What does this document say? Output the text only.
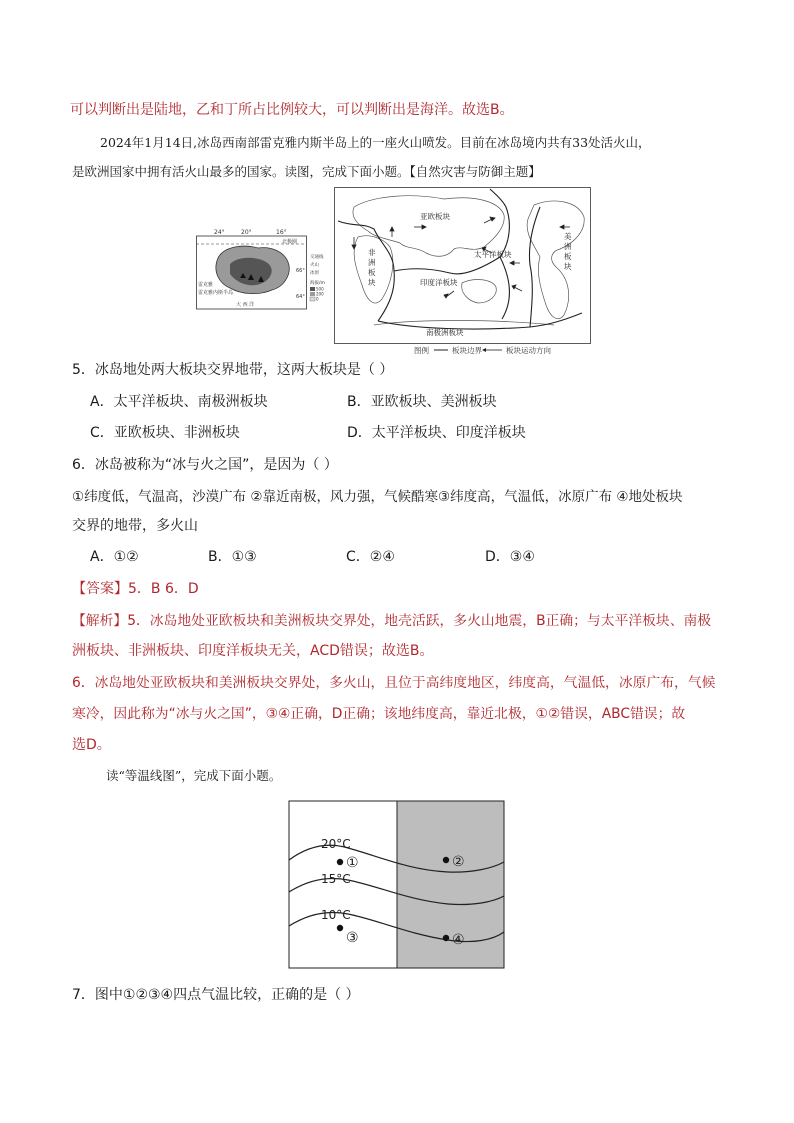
可以判断出是陆地，乙和丁所占比例较大，可以判断出是海洋。故选B。
2024年1月14日,冰岛西南部雷克雅内斯半岛上的一座火山喷发。目前在冰岛境内共有33处活火山，
是欧洲国家中拥有活火山最多的国家。读图，完成下面小题。【自然灾害与防御主题】
24°	20°	16°
北极圈
雷克雅
雷克雅内斯半岛
大 西 洋
66°
64°
交通线
火山
冰原
海拔/m
500
200
0
亚欧板块
非
洲
板
块
太平洋板块
美
洲
板
块
印度洋板块
南极洲板块
图例	板块边界	板块运动方向
5．冰岛地处两大板块交界地带，这两大板块是（ ）
A．太平洋板块、南极洲板块	B．亚欧板块、美洲板块
C．亚欧板块、非洲板块	D．太平洋板块、印度洋板块
6．冰岛被称为“冰与火之国”，是因为（ ）
①纬度低，气温高，沙漠广布 ②靠近南极，风力强，气候酷寒③纬度高，气温低，冰原广布 ④地处板块
交界的地带，多火山
A．①②	B．①③	C．②④	D．③④
【答案】5．B 6．D
【解析】5．冰岛地处亚欧板块和美洲板块交界处，地壳活跃，多火山地震，B正确；与太平洋板块、南极
洲板块、非洲板块、印度洋板块无关，ACD错误；故选B。
6．冰岛地处亚欧板块和美洲板块交界处，多火山，且位于高纬度地区，纬度高，气温低，冰原广布，气候
寒冷，因此称为“冰与火之国”，③④正确，D正确；该地纬度高，靠近北极，①②错误，ABC错误；故
选D。
读“等温线图”，完成下面小题。
20°C
15°C
10°C
①	②
③	④
7．图中①②③④四点气温比较，正确的是（ ）
